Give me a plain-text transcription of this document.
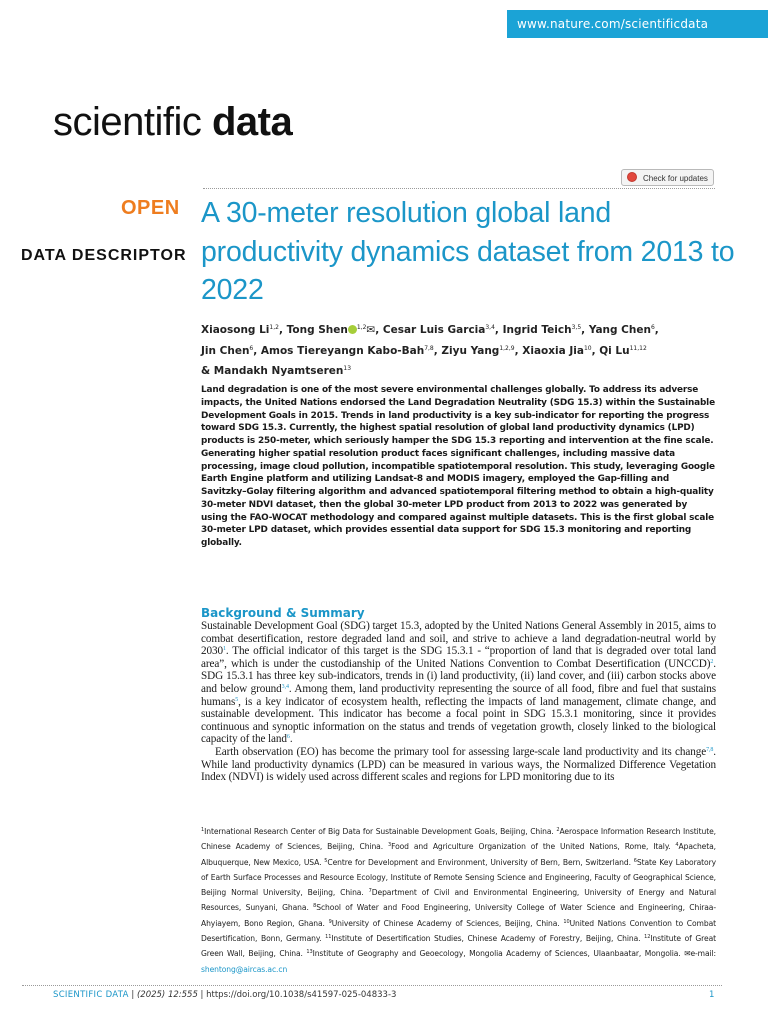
www.nature.com/scientificdata
scientific data
Check for updates
OPEN
DATA DESCRIPTOR
A 30-meter resolution global land productivity dynamics dataset from 2013 to 2022
Xiaosong Li$^{1,2}$, Tong Shen $^{1,2}$✉, Cesar Luis Garcia$^{3,4}$, Ingrid Teich$^{3,5}$, Yang Chen$^6$,
Jin Chen$^6$, Amos Tiereyangn Kabo-Bah$^{7,8}$, Ziyu Yang$^{1,2,9}$, Xiaoxia Jia$^{10}$, Qi Lu$^{11,12}$
& Mandakh Nyamtseren$^{13}$
Land degradation is one of the most severe environmental challenges globally. To address its adverse impacts, the United Nations endorsed the Land Degradation Neutrality (SDG 15.3) within the Sustainable Development Goals in 2015. Trends in land productivity is a key sub-indicator for reporting the progress toward SDG 15.3. Currently, the highest spatial resolution of global land productivity dynamics (LPD) products is 250-meter, which seriously hamper the SDG 15.3 reporting and intervention at the fine scale. Generating higher spatial resolution product faces significant challenges, including massive data processing, image cloud pollution, incompatible spatiotemporal resolution. This study, leveraging Google Earth Engine platform and utilizing Landsat-8 and MODIS imagery, employed the Gap-filling and Savitzky–Golay filtering algorithm and advanced spatiotemporal filtering method to obtain a high-quality 30-meter NDVI dataset, then the global 30-meter LPD product from 2013 to 2022 was generated by using the FAO-WOCAT methodology and compared against multiple datasets. This is the first global scale 30-meter LPD dataset, which provides essential data support for SDG 15.3 monitoring and reporting globally.
Background & Summary

Sustainable Development Goal (SDG) target 15.3, adopted by the United Nations General Assembly in 2015, aims to combat desertification, restore degraded land and soil, and strive to achieve a land degradation-neutral world by 2030$^1$. The official indicator of this target is the SDG 15.3.1 - “proportion of land that is degraded over total land area”, which is under the custodianship of the United Nations Convention to Combat Desertification (UNCCD)$^2$. SDG 15.3.1 has three key sub-indicators, trends in (i) land productivity, (ii) land cover, and (iii) carbon stocks above and below ground$^{3,4}$. Among them, land productivity representing the source of all food, fibre and fuel that sustains humans$^5$, is a key indicator of ecosystem health, reflecting the impacts of land management, climate change, and sustainable development. This indicator has become a focal point in SDG 15.3.1 monitoring, since it provides continuous and synoptic information on the status and trends of vegetation growth, closely linked to the biological capacity of the land$^6$.

Earth observation (EO) has become the primary tool for assessing large-scale land productivity and its change$^{7,8}$. While land productivity dynamics (LPD) can be measured in various ways, the Normalized Difference Vegetation Index (NDVI) is widely used across different scales and regions for LPD monitoring due to its

$^1$International Research Center of Big Data for Sustainable Development Goals, Beijing, China. $^2$Aerospace Information Research Institute, Chinese Academy of Sciences, Beijing, China. $^3$Food and Agriculture Organization of the United Nations, Rome, Italy. $^4$Apacheta, Albuquerque, New Mexico, USA. $^5$Centre for Development and Environment, University of Bern, Bern, Switzerland. $^6$State Key Laboratory of Earth Surface Processes and Resource Ecology, Institute of Remote Sensing Science and Engineering, Faculty of Geographical Science, Beijing Normal University, Beijing, China. $^7$Department of Civil and Environmental Engineering, University of Energy and Natural Resources, Sunyani, Ghana. $^8$School of Water and Food Engineering, University College of Water Science and Engineering, Chiraa-Ahyiayem, Bono Region, Ghana. $^9$University of Chinese Academy of Sciences, Beijing, China. $^{10}$United Nations Convention to Combat Desertification, Bonn, Germany. $^{11}$Institute of Desertification Studies, Chinese Academy of Forestry, Beijing, China. $^{12}$Institute of Great Green Wall, Beijing, China. $^{13}$Institute of Geography and Geoecology, Mongolia Academy of Sciences, Ulaanbaatar, Mongolia. ✉e-mail: shentong@aircas.ac.cn
SCIENTIFIC DATA | (2025) 12:555 | https://doi.org/10.1038/s41597-025-04833-3	1
